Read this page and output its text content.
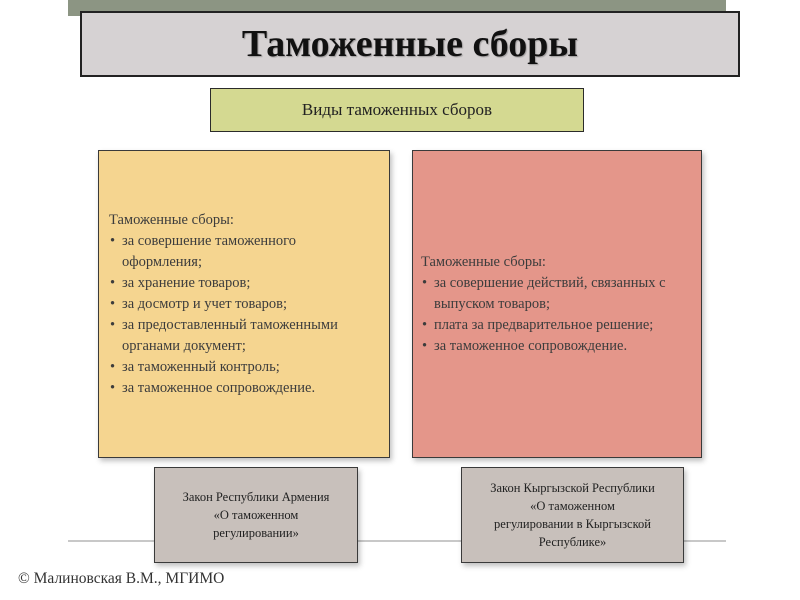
Таможенные сборы
Виды таможенных сборов

Таможенные сборы:

• за совершение таможенного оформления;
• за хранение товаров;
• за досмотр и учет товаров;
• за предоставленный таможенными органами документ;
• за таможенный контроль;
• за таможенное сопровождение.

Таможенные сборы:

• за совершение действий, связанных с выпуском товаров;
• плата за предварительное решение;
• за таможенное сопровождение.
Закон Республики Армения
«О таможенном
регулировании»
Закон Кыргызской Республики
«О таможенном
регулировании в Кыргызской
Республике»
© Малиновская В.М., МГИМО
